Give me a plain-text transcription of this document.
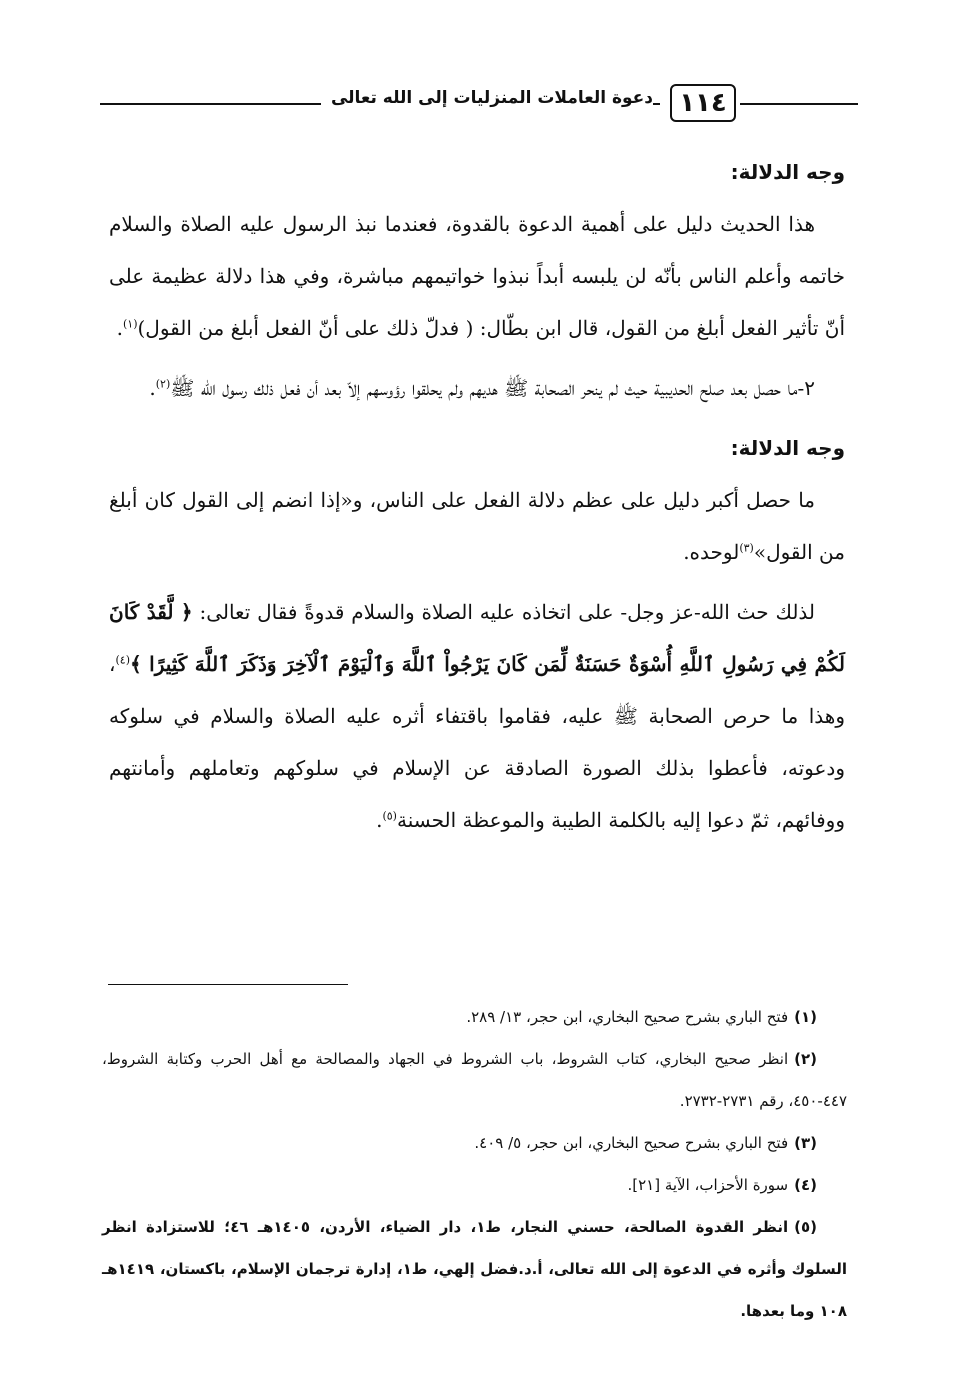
١١٤
دعوة العاملات المنزليات إلى الله تعالى
وجه الدلالة:

هذا الحديث دليل على أهمية الدعوة بالقدوة، فعندما نبذ الرسول عليه الصلاة والسلام خاتمه وأعلم الناس بأنّه لن يلبسه أبداً نبذوا خواتيمهم مباشرة، وفي هذا دلالة عظيمة على أنّ تأثير الفعل أبلغ من القول، قال ابن بطّال: ( فدلّ ذلك على أنّ الفعل أبلغ من القول)$^{(١)}$.

٢-ما حصل بعد صلح الحديبية حيث لم ينحر الصحابة ﷺ هديهم ولم يحلقوا رؤوسهم إلاّ بعد أن فعل ذلك رسول الله ﷺ$^{(٢)}$.

وجه الدلالة:

ما حصل أكبر دليل على عظم دلالة الفعل على الناس، و«إذا انضم إلى القول كان أبلغ من القول»$^{(٣)}$لوحده.

لذلك حث الله-عز وجل- على اتخاذه عليه الصلاة والسلام قدوةً فقال تعالى: ﴿ لَّقَدْ كَانَ لَكُمْ فِي رَسُولِ ٱللَّهِ أُسْوَةٌ حَسَنَةٌ لِّمَن كَانَ يَرْجُواْ ٱللَّهَ وَٱلْيَوْمَ ٱلْآخِرَ وَذَكَرَ ٱللَّهَ كَثِيرًا ﴾$^{(٤)}$، وهذا ما حرص الصحابة ﷺ عليه، فقاموا باقتفاء أثره عليه الصلاة والسلام في سلوكه ودعوته، فأعطوا بذلك الصورة الصادقة عن الإسلام في سلوكهم وتعاملهم وأمانتهم ووفائهم، ثمّ دعوا إليه بالكلمة الطيبة والموعظة الحسنة$^{(٥)}$.

(١)فتح الباري بشرح صحيح البخاري، ابن حجر، ١٣/ ٢٨٩.

(٢)انظر صحيح البخاري، كتاب الشروط، باب الشروط في الجهاد والمصالحة مع أهل الحرب وكتابة الشروط، ٤٤٧-٤٥٠، رقم ٢٧٣١-٢٧٣٢.

(٣)فتح الباري بشرح صحيح البخاري، ابن حجر، ٥/ ٤٠٩.

(٤)سورة الأحزاب، الآية [٢١].

(٥)انظر القدوة الصالحة، حسني النجار، ط١، دار الضياء، الأردن، ١٤٠٥هـ ٤٦؛ للاستزادة انظر السلوك وأثره في الدعوة إلى الله تعالى، أ.د.فضل إلهي، ط١، إدارة ترجمان الإسلام، باكستان، ١٤١٩هـ ١٠٨ وما بعدها.
